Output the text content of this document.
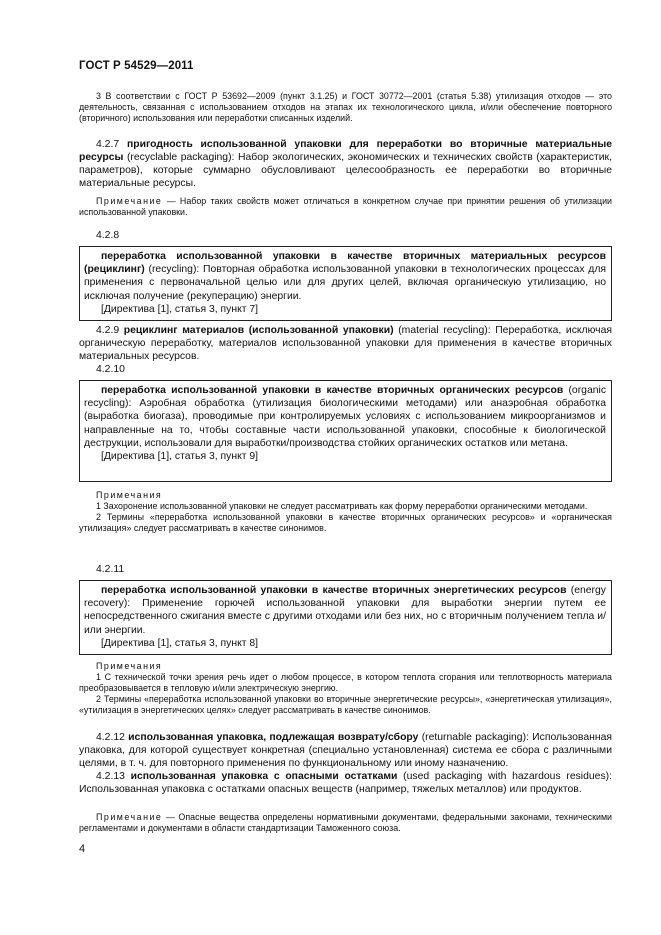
ГОСТ Р 54529—2011

3 В соответствии с ГОСТ Р 53692—2009 (пункт 3.1.25) и ГОСТ 30772—2001 (статья 5.38) утилизация отходов — это деятельность, связанная с использованием отходов на этапах их технологического цикла, и/или обеспечение повторного (вторичного) использования или переработки списанных изделий.

4.2.7 пригодность использованной упаковки для переработки во вторичные материальные ресурсы (recyclable packaging): Набор экологических, экономических и технических свойств (характеристик, параметров), которые суммарно обусловливают целесообразность ее переработки во вторичные материальные ресурсы.

Примечание — Набор таких свойств может отличаться в конкретном случае при принятии решения об утилизации использованной упаковки.

4.2.8

переработка использованной упаковки в качестве вторичных материальных ресурсов (рециклинг) (recycling): Повторная обработка использованной упаковки в технологических процессах для применения с первоначальной целью или для других целей, включая органическую утилизацию, но исключая получение (рекуперацию) энергии.

[Директива [1], статья 3, пункт 7]

4.2.9 рециклинг материалов (использованной упаковки) (material recycling): Переработка, исключая органическую переработку, материалов использованной упаковки для применения в качестве вторичных материальных ресурсов.

4.2.10

переработка использованной упаковки в качестве вторичных органических ресурсов (organic recycling): Аэробная обработка (утилизация биологическими методами) или анаэробная обработка (выработка биогаза), проводимые при контролируемых условиях с использованием микроорганизмов и направленные на то, чтобы составные части использованной упаковки, способные к биологической деструкции, использовали для выработки/производства стойких органических остатков или метана.

[Директива [1], статья 3, пункт 9]

Примечания

1 Захоронение использованной упаковки не следует рассматривать как форму переработки органическими методами.

2 Термины «переработка использованной упаковки в качестве вторичных органических ресурсов» и «органическая утилизация» следует рассматривать в качестве синонимов.

4.2.11

переработка использованной упаковки в качестве вторичных энергетических ресурсов (energy recovery): Применение горючей использованной упаковки для выработки энергии путем ее непосредственного сжигания вместе с другими отходами или без них, но с вторичным получением тепла и/или энергии.

[Директива [1], статья 3, пункт 8]

Примечания

1 С технической точки зрения речь идет о любом процессе, в котором теплота сгорания или теплотворность материала преобразовывается в тепловую и/или электрическую энергию.

2 Термины «переработка использованной упаковки во вторичные энергетические ресурсы», «энергетическая утилизация», «утилизация в энергетических целях» следует рассматривать в качестве синонимов.

4.2.12 использованная упаковка, подлежащая возврату/сбору (returnable packaging): Использованная упаковка, для которой существует конкретная (специально установленная) система ее сбора с различными целями, в т. ч. для повторного применения по функциональному или иному назначению.

4.2.13 использованная упаковка с опасными остатками (used packaging with hazardous residues): Использованная упаковка с остатками опасных веществ (например, тяжелых металлов) или продуктов.

Примечание — Опасные вещества определены нормативными документами, федеральными законами, техническими регламентами и документами в области стандартизации Таможенного союза.

4
